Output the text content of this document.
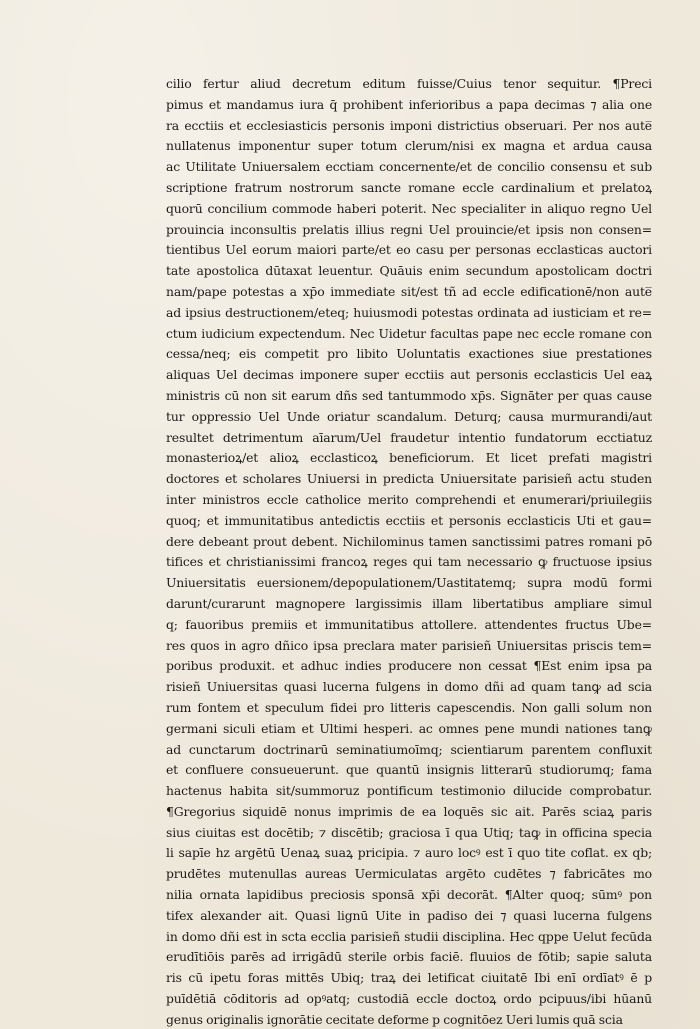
cilio fertur aliud decretum editum fuisse/Cuius tenor sequitur. ¶Preci
pimus et mandamus iura q̄ prohibent inferioribus a papa decimas ⁊ alia one
ra ecctiis et ecclesiasticis personis imponi districtius obseruari. Per nos aute̅
nullatenus imponentur super totum clerum/nisi ex magna et ardua causa
ac Utilitate Uniuersalem ecctiam concernente/et de concilio consensu et sub
scriptione fratrum nostrorum sancte romane eccle cardinalium et prelatoꝝ
quorū concilium commode haberi poterit. Nec specialiter in aliquo regno Uel
prouincia inconsultis prelatis illius regni Uel prouincie/et ipsis non consen=
tientibus Uel eorum maiori parte/et eo casu per personas ecclasticas auctori
tate apostolica dūtaxat leuentur. Quāuis enim secundum apostolicam doctri
nam/pape potestas a xp̄o immediate sit/est tñ ad eccle edificationē/non aute̅
ad ipsius destructionem/eteq; huiusmodi potestas ordinata ad iusticiam et re=
ctum iudicium expectendum. Nec Uidetur facultas pape nec eccle romane con
cessa/neq; eis competit pro libito Uoluntatis exactiones siue prestationes
aliquas Uel decimas imponere super ecctiis aut personis ecclasticis Uel eaꝝ
ministris cū non sit earum dñs sed tantummodo xp̄s. Signāter per quas cause
tur oppressio Uel Unde oriatur scandalum. Deturq; causa murmurandi/aut
resultet detrimentum aīarum/Uel fraudetur intentio fundatorum ecctiatuz
monasterioꝝ/et alioꝝ ecclasticoꝝ beneficiorum. Et licet prefati magistri
doctores et scholares Uniuersi in predicta Uniuersitate parisieñ actu studen
inter ministros eccle catholice merito comprehendi et enumerari/priuilegiis
quoq; et immunitatibus antedictis ecctiis et personis ecclasticis Uti et gau=
dere debeant prout debent. Nichilominus tamen sanctissimi patres romani pō
tifices et christianissimi francoꝝ reges qui tam necessario ꝙ fructuose ipsius
Uniuersitatis euersionem/depopulationem/Uastitatemq; supra modū formi
darunt/curarunt magnopere largissimis illam libertatibus ampliare simul
q; fauoribus premiis et immunitatibus attollere. attendentes fructus Ube=
res quos in agro dñico ipsa preclara mater parisieñ Uniuersitas priscis tem=
poribus produxit. et adhuc indies producere non cessat ¶Est enim ipsa pa
risieñ Uniuersitas quasi lucerna fulgens in domo dñi ad quam tanꝙ ad scia
rum fontem et speculum fidei pro litteris capescendis. Non galli solum non
germani siculi etiam et Ultimi hesperi. ac omnes pene mundi nationes tanꝙ
ad cunctarum doctrinarū seminatiumoīmq; scientiarum parentem confluxit
et confluere consueuerunt. que quantū insignis litterarū studiorumq; fama
hactenus habita sit/summoruz pontificum testimonio dilucide comprobatur.
¶Gregorius siquidē nonus imprimis de ea loquēs sic ait. Parēs sciaꝝ paris
sius ciuitas est docētib; ⁊ discētib; graciosa ī qua Utiq; taꝙ in officina specia
li sapīe hz argētū Uenaꝝ suaꝝ pricipia. ⁊ auro locꝰ est ī quo tite coflat. ex qb;
prudētes mutenullas aureas Uermiculatas argēto cudētes ⁊ fabricātes mo
nilia ornata lapidibus preciosis sponsā xp̄i decorāt. ¶Alter quoq; sūmꝰ pon
tifex alexander ait. Quasi lignū Uite in padiso dei ⁊ quasi lucerna fulgens
in domo dñi est in scta ecclia parisieñ studii disciplina. Hec qppe Uelut fecūda
erudītiōis parēs ad irrigādū sterile orbis faciē. fluuios de fōtib; sapie saluta
ris cū ipetu foras mittēs Ubiq; traꝝ dei letificat ciuitatē Ibi enī ordīatꝰ ē p
puīdētiā cōditoris ad opꝰatq; custodiā eccle doctoꝝ ordo pcipuus/ibi hūanū
genus originalis ignorātie cecitate deforme p cognitōez Ueri lumis quā scia
